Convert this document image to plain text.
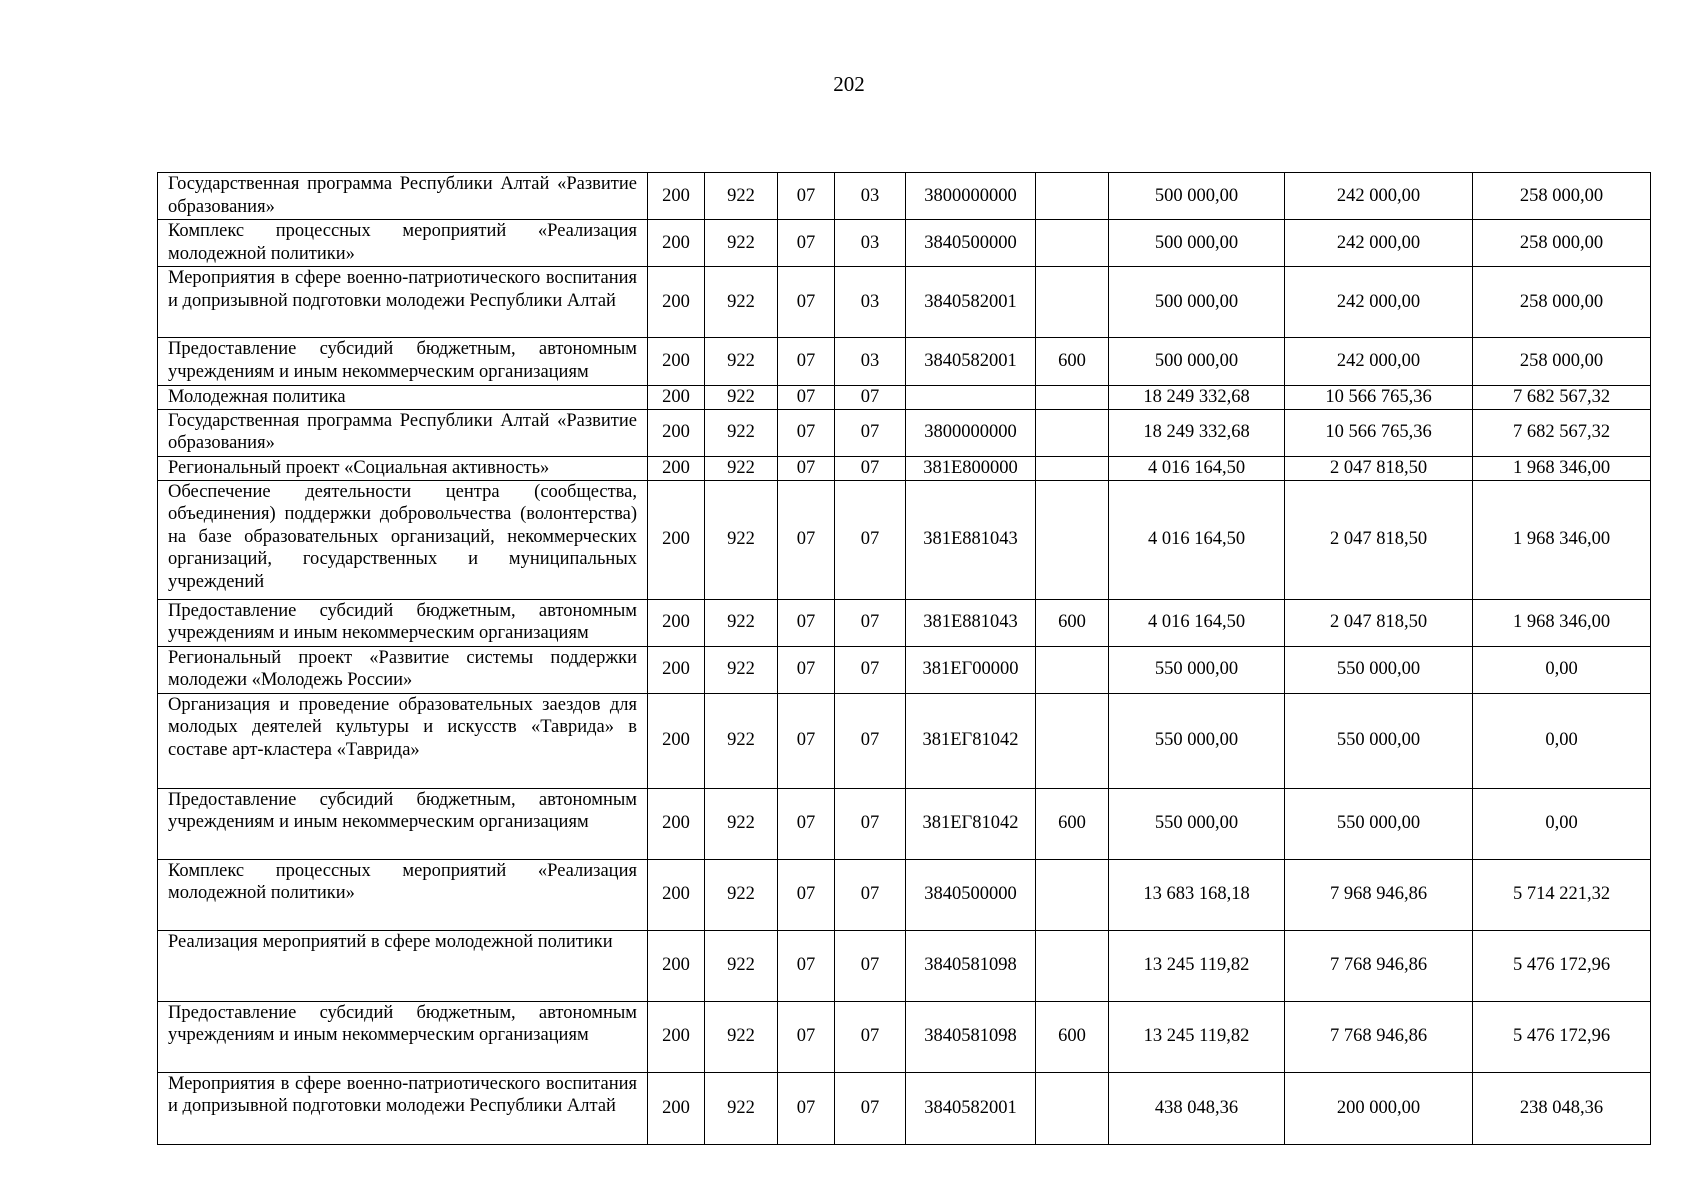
202
Государственная программа Республики Алтай «Развитие образования»	200	922	07	03	3800000000		500 000,00	242 000,00	258 000,00
Комплекс процессных мероприятий «Реализация молодежной политики»	200	922	07	03	3840500000		500 000,00	242 000,00	258 000,00
Мероприятия в сфере военно-патриотического воспитания и допризывной подготовки молодежи Республики Алтай	200	922	07	03	3840582001		500 000,00	242 000,00	258 000,00
Предоставление субсидий бюджетным, автономным учреждениям и иным некоммерческим организациям	200	922	07	03	3840582001	600	500 000,00	242 000,00	258 000,00
Молодежная политика	200	922	07	07			18 249 332,68	10 566 765,36	7 682 567,32
Государственная программа Республики Алтай «Развитие образования»	200	922	07	07	3800000000		18 249 332,68	10 566 765,36	7 682 567,32
Региональный проект «Социальная активность»	200	922	07	07	381Е800000		4 016 164,50	2 047 818,50	1 968 346,00
Обеспечение деятельности центра (сообщества, объединения) поддержки добровольчества (волонтерства) на базе образовательных организаций, некоммерческих организаций, государственных и муниципальных учреждений	200	922	07	07	381Е881043		4 016 164,50	2 047 818,50	1 968 346,00
Предоставление субсидий бюджетным, автономным учреждениям и иным некоммерческим организациям	200	922	07	07	381Е881043	600	4 016 164,50	2 047 818,50	1 968 346,00
Региональный проект «Развитие системы поддержки молодежи «Молодежь России»	200	922	07	07	381ЕГ00000		550 000,00	550 000,00	0,00
Организация и проведение образовательных заездов для молодых деятелей культуры и искусств «Таврида» в составе арт-кластера «Таврида»	200	922	07	07	381ЕГ81042		550 000,00	550 000,00	0,00
Предоставление субсидий бюджетным, автономным учреждениям и иным некоммерческим организациям	200	922	07	07	381ЕГ81042	600	550 000,00	550 000,00	0,00
Комплекс процессных мероприятий «Реализация молодежной политики»	200	922	07	07	3840500000		13 683 168,18	7 968 946,86	5 714 221,32
Реализация мероприятий в сфере молодежной политики	200	922	07	07	3840581098		13 245 119,82	7 768 946,86	5 476 172,96
Предоставление субсидий бюджетным, автономным учреждениям и иным некоммерческим организациям	200	922	07	07	3840581098	600	13 245 119,82	7 768 946,86	5 476 172,96
Мероприятия в сфере военно-патриотического воспитания и допризывной подготовки молодежи Республики Алтай	200	922	07	07	3840582001		438 048,36	200 000,00	238 048,36
